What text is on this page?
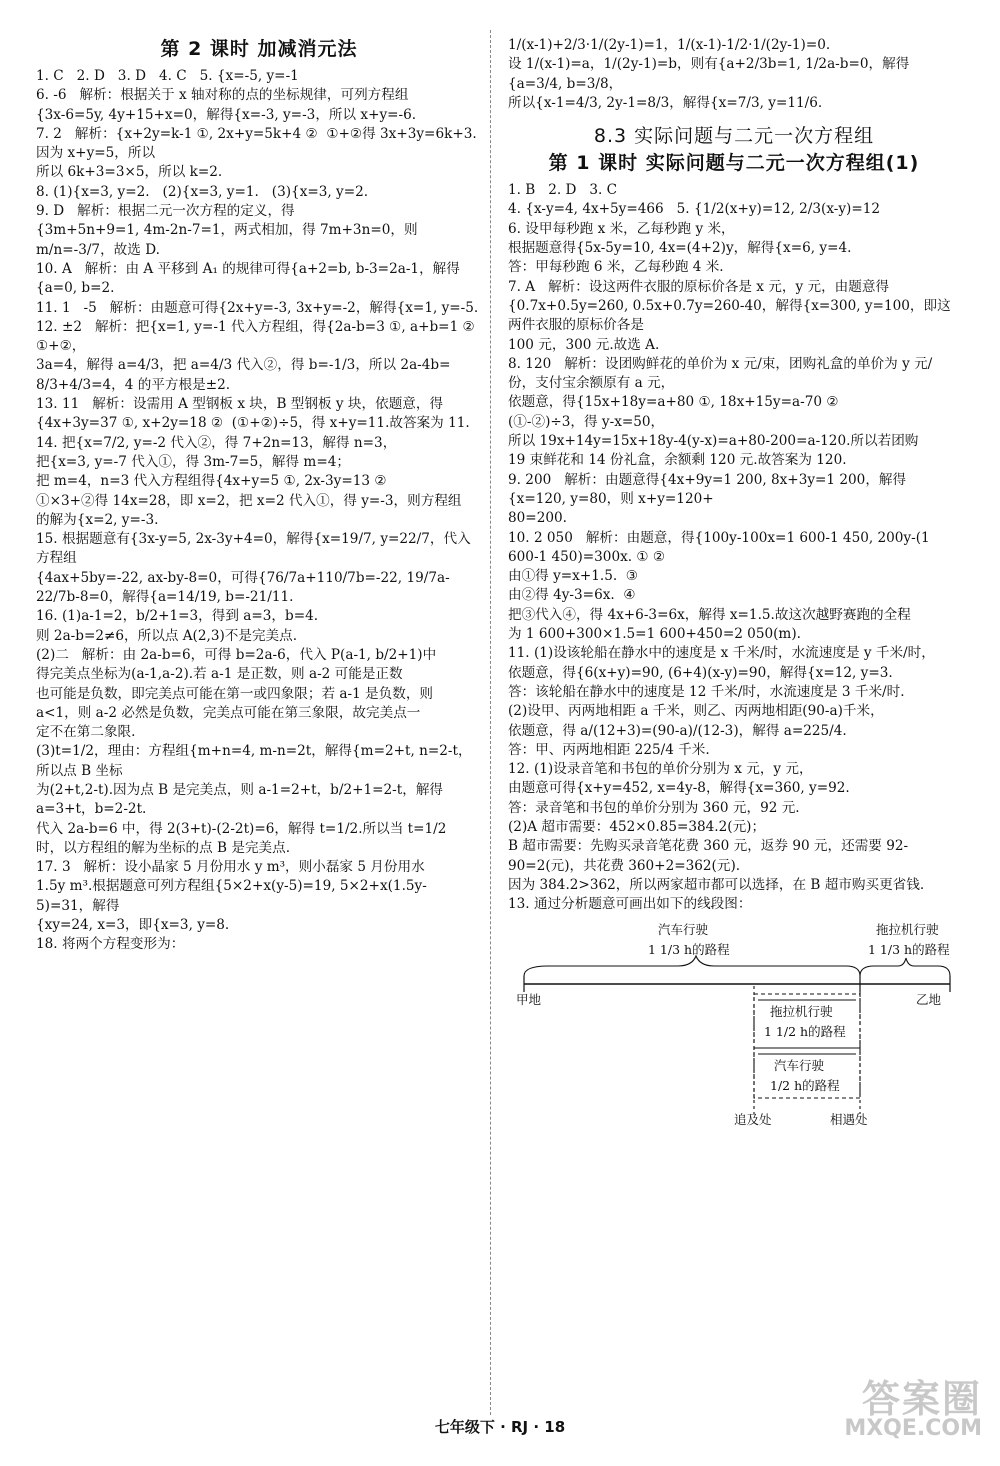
第 2 课时 加减消元法
1. C   2. D   3. D   4. C   5. {x=-5, y=-1
6. -6   解析：根据关于 x 轴对称的点的坐标规律，可列方程组
{3x-6=5y, 4y+15+x=0，解得{x=-3, y=-3，所以 x+y=-6.
7. 2   解析：{x+2y=k-1 ①, 2x+y=5k+4 ②  ①+②得 3x+3y=6k+3.因为 x+y=5，所以
所以 6k+3=3×5，所以 k=2.
8. (1){x=3, y=2.   (2){x=3, y=1.   (3){x=3, y=2.
9. D   解析：根据二元一次方程的定义，得
{3m+5n+9=1, 4m-2n-7=1，两式相加，得 7m+3n=0，则 m/n=-3/7，故选 D.
10. A   解析：由 A 平移到 A₁ 的规律可得{a+2=b, b-3=2a-1，解得{a=0, b=2.
11. 1   -5   解析：由题意可得{2x+y=-3, 3x+y=-2，解得{x=1, y=-5.
12. ±2   解析：把{x=1, y=-1 代入方程组，得{2a-b=3 ①, a+b=1 ② ①+②，
3a=4，解得 a=4/3，把 a=4/3 代入②，得 b=-1/3，所以 2a-4b=
8/3+4/3=4，4 的平方根是±2.
13. 11   解析：设需用 A 型钢板 x 块，B 型钢板 y 块，依题意，得
{4x+3y=37 ①, x+2y=18 ②  (①+②)÷5，得 x+y=11.故答案为 11.
14. 把{x=7/2, y=-2 代入②，得 7+2n=13，解得 n=3，
把{x=3, y=-7 代入①，得 3m-7=5，解得 m=4；
把 m=4，n=3 代入方程组得{4x+y=5 ①, 2x-3y=13 ②
①×3+②得 14x=28，即 x=2，把 x=2 代入①，得 y=-3，则方程组
的解为{x=2, y=-3.
15. 根据题意有{3x-y=5, 2x-3y+4=0，解得{x=19/7, y=22/7，代入方程组
{4ax+5by=-22, ax-by-8=0，可得{76/7a+110/7b=-22, 19/7a-22/7b-8=0，解得{a=14/19, b=-21/11.
16. (1)a-1=2，b/2+1=3，得到 a=3，b=4.
则 2a-b=2≠6，所以点 A(2,3)不是完美点.
(2)二   解析：由 2a-b=6，可得 b=2a-6，代入 P(a-1, b/2+1)中
得完美点坐标为(a-1,a-2).若 a-1 是正数，则 a-2 可能是正数
也可能是负数，即完美点可能在第一或四象限；若 a-1 是负数，则
a<1，则 a-2 必然是负数，完美点可能在第三象限，故完美点一
定不在第二象限.
(3)t=1/2，理由：方程组{m+n=4, m-n=2t，解得{m=2+t, n=2-t，所以点 B 坐标
为(2+t,2-t).因为点 B 是完美点，则 a-1=2+t，b/2+1=2-t，解得
a=3+t，b=2-2t.
代入 2a-b=6 中，得 2(3+t)-(2-2t)=6，解得 t=1/2.所以当 t=1/2
时，以方程组的解为坐标的点 B 是完美点.
17. 3   解析：设小晶家 5 月份用水 y m³，则小磊家 5 月份用水
1.5y m³.根据题意可列方程组{5×2+x(y-5)=19, 5×2+x(1.5y-5)=31，解得
{xy=24, x=3，即{x=3, y=8.
18. 将两个方程变形为：
1/(x-1)+2/3·1/(2y-1)=1，1/(x-1)-1/2·1/(2y-1)=0.
设 1/(x-1)=a，1/(2y-1)=b，则有{a+2/3b=1, 1/2a-b=0，解得{a=3/4, b=3/8，
所以{x-1=4/3, 2y-1=8/3，解得{x=7/3, y=11/6.
8.3 实际问题与二元一次方程组
第 1 课时 实际问题与二元一次方程组(1)
1. B   2. D   3. C
4. {x-y=4, 4x+5y=466   5. {1/2(x+y)=12, 2/3(x-y)=12
6. 设甲每秒跑 x 米，乙每秒跑 y 米，
根据题意得{5x-5y=10, 4x=(4+2)y，解得{x=6, y=4.
答：甲每秒跑 6 米，乙每秒跑 4 米.
7. A   解析：设这两件衣服的原标价各是 x 元，y 元，由题意得
{0.7x+0.5y=260, 0.5x+0.7y=260-40，解得{x=300, y=100，即这两件衣服的原标价各是
100 元，300 元.故选 A.
8. 120   解析：设团购鲜花的单价为 x 元/束，团购礼盒的单价为 y 元/
份，支付宝余额原有 a 元，
依题意，得{15x+18y=a+80 ①, 18x+15y=a-70 ②
(①-②)÷3，得 y-x=50，
所以 19x+14y=15x+18y-4(y-x)=a+80-200=a-120.所以若团购
19 束鲜花和 14 份礼盒，余额剩 120 元.故答案为 120.
9. 200   解析：由题意得{4x+9y=1 200, 8x+3y=1 200，解得{x=120, y=80，则 x+y=120+
80=200.
10. 2 050   解析：由题意，得{100y-100x=1 600-1 450, 200y-(1 600-1 450)=300x. ① ②
由①得 y=x+1.5.  ③
由②得 4y-3=6x.  ④
把③代入④，得 4x+6-3=6x，解得 x=1.5.故这次越野赛跑的全程
为 1 600+300×1.5=1 600+450=2 050(m).
11. (1)设该轮船在静水中的速度是 x 千米/时，水流速度是 y 千米/时，
依题意，得{6(x+y)=90, (6+4)(x-y)=90，解得{x=12, y=3.
答：该轮船在静水中的速度是 12 千米/时，水流速度是 3 千米/时.
(2)设甲、丙两地相距 a 千米，则乙、丙两地相距(90-a)千米，
依题意，得 a/(12+3)=(90-a)/(12-3)，解得 a=225/4.
答：甲、丙两地相距 225/4 千米.
12. (1)设录音笔和书包的单价分别为 x 元，y 元，
由题意可得{x+y=452, x=4y-8，解得{x=360, y=92.
答：录音笔和书包的单价分别为 360 元，92 元.
(2)A 超市需要：452×0.85=384.2(元)；
B 超市需要：先购买录音笔花费 360 元，返券 90 元，还需要 92-
90=2(元)，共花费 360+2=362(元).
因为 384.2>362，所以两家超市都可以选择，在 B 超市购买更省钱.
13. 通过分析题意可画出如下的线段图：
汽车行驶
1 1/3 h的路程
拖拉机行驶
1 1/3 h的路程
甲地	乙地
拖拉机行驶
1 1/2 h的路程
汽车行驶
1/2 h的路程
追及处	相遇处
七年级下 · RJ · 18
答案圈
MXQE.COM
